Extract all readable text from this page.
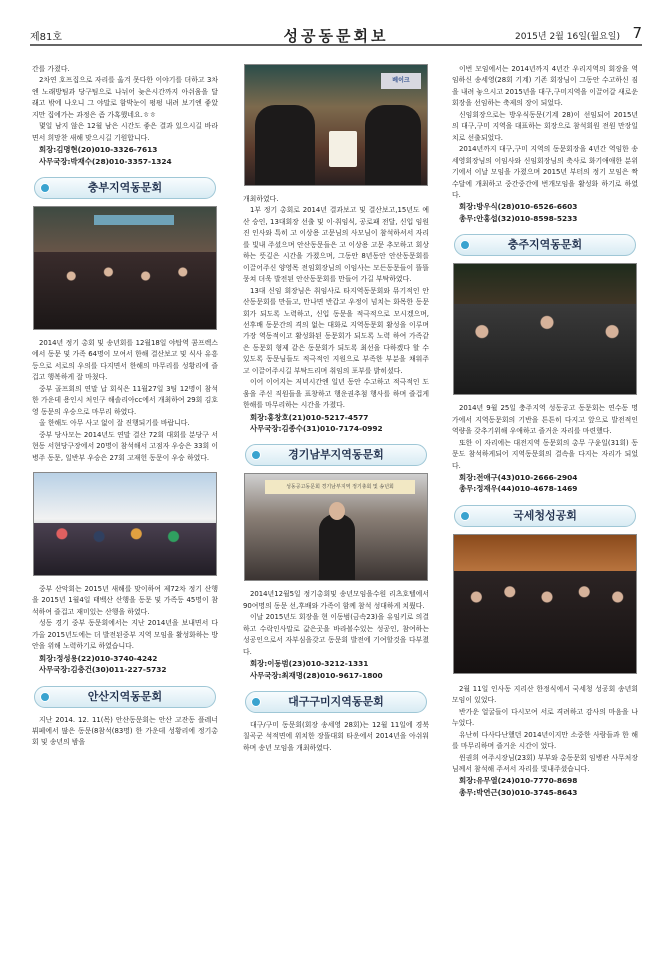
제81호	성공동문회보	2015년 2월 16일(월요일) 7

간를 가졌다.

2차연 호프집으로 자리를 옮겨 못다한 이야기를 더하고 3차엔 노래방팀과 당구팀으로 나뉘어 늦은시간까지 아쉬움을 달래고 밖에 나오니 그 야말로 함박눈이 펑펑 내려 보기엔 좋았지만 집에가는 과정은 좀 가혹했네요.ㅎㅎ

몇일 남지 않은 12월 남은 시간도 좋은 결과 있으시길 바라면서 희망찬 새해 맞으시길 기원합니다.

회장:김명현(20)010-3326-7613
사무국장:박재수(28)010-3357-1324
충부지역동문회

2014년 정기 총회 및 송년회를 12월18일 야탑역 콤프렉스에서 동문 및 가족 64명이 모여서 한해 결산보고 및 식사 유흥등으로 서로의 우의를 다지면서 한해의 마무리를 성황리에 즐겁고 행복하게 잘 마쳤다.

중부 골프회의 연말 납 회식은 11월27일 3팀 12명이 참석한 가운데 용인시 처인구 해솔리아cc에서 개최하여 29회 김호영 동문의 우승으로 마무리 하였다.

올 한해도 아무 사고 없이 잘 진행되기를 바랍니다.

중부 당사모는 2014년도 연말 결산 72회 대회를 분당구 서현동 서현당구장에서 20명이 참석해서 고점자 우승은 33회 이병주 동문, 일반부 우승은 27회 고재헌 동문이 우승 하였다.

중부 산악회는 2015년 새해를 맞이하여 제72차 정기 산행을 2015년 1월4일 태백산 산행을 동문 및 가족등 45명이 참석하여 즐겁고 재미있는 산행을 하였다.

성동 경기 중부 동문회에서는 지난 2014년을 보내면서 다가올 2015년도에는 더 발전된중부 지역 모임을 활성화하는 방안을 위해 노력하기로 하였습니다.

회장:정성용(22)010-3740-4242
사무국장:김충건(30)011-227-5732
안산지역동문회

지난 2014. 12. 11(목) 안산동문회는 안산 고잔동 플레너 뷔페에서 많은 동문(8참석(83명) 한 가운데 성황리에 정기총회 및 송년의 밤을

베이크

개최하였다.

1부 정기 총회로 2014년 결과보고 및 결산보고,15년도 예산 승인, 13대회장 선출 및 이·취임식, 공로패 전달, 신입 임원진 인사와 특히 고 이상용 고문님의 사모님이 참석하셔서 자리를 빛내 주셨으며 안산동문들은 고 이상용 고문 추모하고 회상하는 뜻깊은 시간을 가졌으며, 그동안 8년동안 안산동문회를 이끌어주신 양영목 전임회장님의 이임사는 모든동문들이 뜰뜰뭉쳐 더욱 발전된 안산동문회를 만들어 가길 부탁하였다.

13대 신임 회장님은 취임사로 타지역동문회와 뮤기적인 안산동문회를 만들고, 만나면 반갑고 우정이 넘치는 화목한 동문회가 되도록 노력하고, 신입 동문을 적극적으로 모시겠으며, 선후배 동문간의 격의 없는 대화로 지역동문회 활성을 이루며 가장 역동적이고 활성화된 동문회가 되도록 노력 하여 가족같은 동문회 형제 같은 동문회가 되도록 최선을 다하겠다 할 수 있도록 동문님들도 적극적인 지원으로 부족한 부분을 채워주고 이끌어주시길 부탁드리며 취임의 포부를 밝히셨다.

이어 이어지는 저녁시간엔 일년 동안 수고하고 적극적인 도움을 주신 직원들을 표창하고 행운권추첨 행사를 하며 즐겁게 한해를 마무리하는 시간을 가졌다.

회장:홍창호(21)010-5217-4577
사무국장:김종수(31)010-7174-0992
경기남부지역동문회
성동공고동문회 경기남부지역 정기총회 및 송년회

2014년12월5일 정기총회및 송년모임을수원 리츠호텔에서 90여명의 동문 선,후배와 가족이 함께 참석 성대하게 치뤘다.

이날 2015년도 회장을 현 이동범(금속23)을 유임키로 의결하고 수락인사말로 값은곳을 바라볼수있는 성공인, 참여하는 성공인으로서 자부심을갖고 동문회 발전에 기여할것을 다부졌다.

회장:이동범(23)010-3212-1331
사무국장:최재명(28)010-9617-1800
대구구미지역동문회

대구/구미 동문회(회장 송세영 28회)는 12월 11일에 경북 칠곡군 석적면에 위치한 장뜰대회 타운에서 2014년을 아쉬워하며 송년 모임을 개최하였다.

이번 모임에서는 2014년까지 4년간 우리지역의 회장을 역임하신 송세영(28회 기계) 기존 회장님이 그동안 수고하신 짐을 내려 놓으시고 2015년을 대구,구미지역을 이끌어갈 새로운 회장을 선임하는 축제의 장이 되었다.

신임회장으로는 방우식동문(기계 28)이 선임되어 2015년의 대구,구미 지역을 대표하는 회장으로 참석회원 전원 만장일치로 선출되었다.

2014년까지 대구,구미 지역의 동문회장을 4년간 역임한 송세영회장님의 이임사와 신임회장님의 축사로 화기애애한 분위기에서 이날 모임을 가졌으며 2015년 부터의 정기 모임은 짝수달에 개최하고 중간중간에 번개모임을 활성화 하기로 하였다.

회장:방우식(28)010-6526-6603
총무:안홍섭(32)010-8598-5233
충주지역동문회

2014년 9월 25일 충주지역 성동공고 동문회는 연수동 명가에서 지역동문회의 기반을 튼튼히 다지고 앞으로 발전적인 역량을 갖추기위해 우애하고 즐거운 자리를 마련했다.

또한 이 자리에는 대전지역 동문회의 총무 구윤일(31회) 동문도 참석하게되어 지역동문회의 결속을 다지는 자리가 되었다.

회장:전애구(43)010-2666-2904
총무:정재우(44)010-4678-1469
국세청성공회

2월 11일 인사동 지리산 한정식에서 국세청 성공회 송년회 모임이 있었다.

반가운 얼굴들이 다시모여 서로 격려하고 감사의 마음을 나누었다.

유난히 다사다난했던 2014년이지만 소중한 사람들과 한 해를 마무리하며 즐거운 시간이 었다.

윈권희 여주시장님(23회) 부부와 총동문회 임병관 사무처장님께서 참석해 주셔서 자리를 빛내주셨습니다.

회장:유무열(24)010-7770-8698
총무:박연근(30)010-3745-8643
